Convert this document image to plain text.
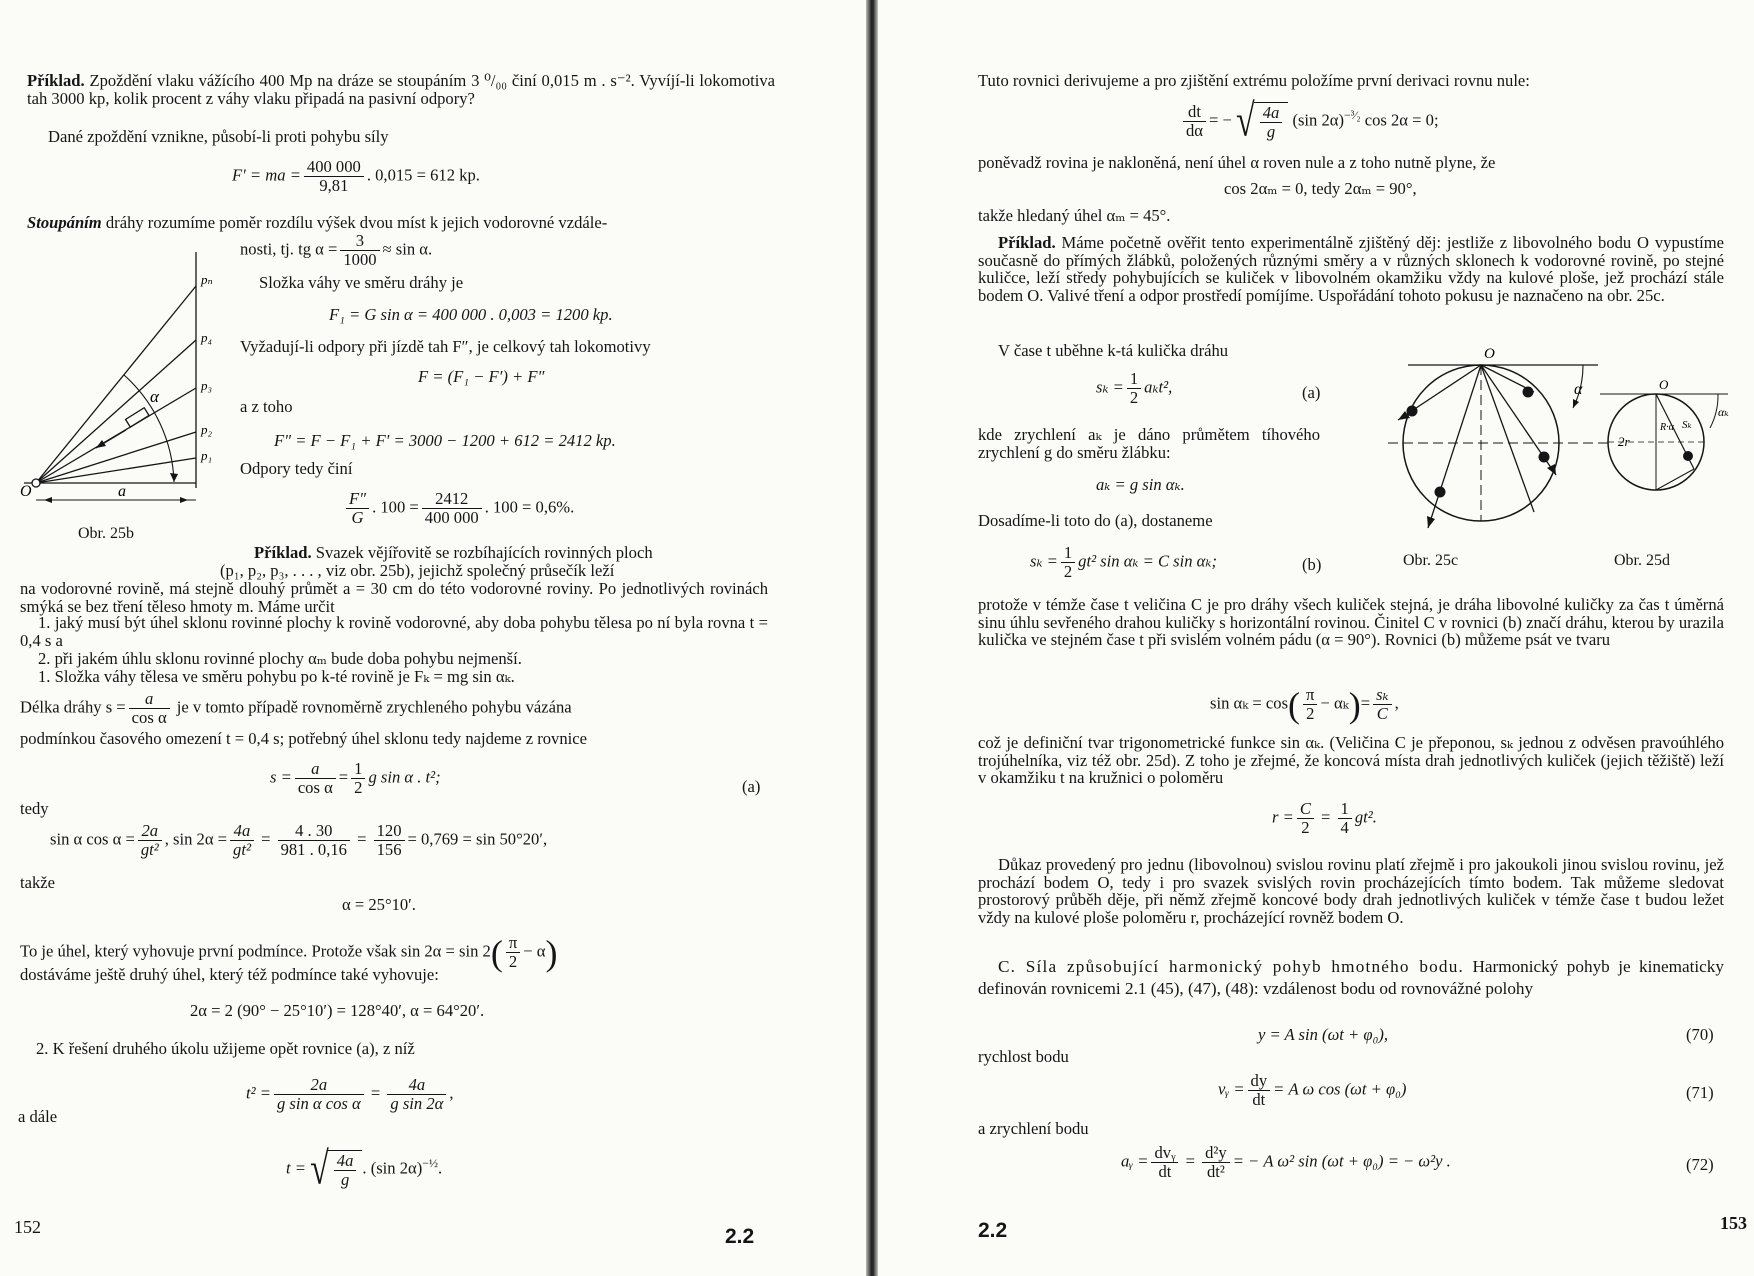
Příklad. Zpoždění vlaku vážícího 400 Mp na dráze se stoupáním 3 ⁰/₀₀ činí 0,015 m . s⁻². Vyvíjí-li lokomotiva tah 3000 kp, kolik procent z váhy vlaku připadá na pasivní odpory?
Dané zpoždění vznikne, působí-li proti pohybu síly
F′ = ma = $\frac{400 000}{9,81}$ . 0,015 = 612 kp.
Stoupáním dráhy rozumíme poměr rozdílu výšek dvou míst k jejich vodorovné vzdále-
nosti, tj. tg $\alpha = \frac{3}{1000} \approx \sin \alpha$.
Složka váhy ve směru dráhy je
F₁ = G sin α = 400 000 . 0,003 = 1200 kp.
Vyžadují-li odpory při jízdě tah F″, je celkový tah lokomotivy
F = (F₁ − F′) + F″
a z toho
F″ = F − F₁ + F′ = 3000 − 1200 + 612 = 2412 kp.
Odpory tedy činí
$\frac{F''}{G}$ . $100 = \frac{2412}{400 000}$ . 100 = 0,6%.
pₙ
p₄
p₃
p₂
p₁
α
a
O
Obr. 25b
Příklad. Svazek vějířovitě se rozbíhajících rovinných ploch
(p₁, p₂, p₃, . . . , viz obr. 25b), jejichž společný průsečík leží
na vodorovné rovině, má stejně dlouhý průmět a = 30 cm do této vodorovné roviny. Po jednotlivých rovinách smýká se bez tření těleso hmoty m. Máme určit
1. jaký musí být úhel sklonu rovinné plochy k rovině vodorovné, aby doba pohybu tělesa po ní byla rovna t = 0,4 s a
2. při jakém úhlu sklonu rovinné plochy αₘ bude doba pohybu nejmenší.
1. Složka váhy tělesa ve směru pohybu po k-té rovině je Fₖ = mg sin αₖ.
Délka dráhy $s = \frac{a}{\text{cos α}}$ je v tomto případě rovnoměrně zrychleného pohybu vázána
podmínkou časového omezení t = 0,4 s; potřebný úhel sklonu tedy najdeme z rovnice
$s = \frac{a}{\text{cos α}} = \frac{1}{2}$ g sin α . t²;
(a)
tedy
sin α $\cos \alpha = \frac{2a}{\text{gt²}}$ , $\sin 2\alpha = \frac{4a}{\text{gt²}} = \frac{4 . 30}{981 . 0,16} = \frac{120}{156} = 0,769 = \sin 50^\circ 20'$,
takže
α = 25°10′.
To je úhel, který vyhovuje první podmínce. Protože však $\sin 2\alpha = \sin 2( \frac{\pi}{2} - \alpha)$
dostáváme ještě druhý úhel, který též podmínce také vyhovuje:
2α = 2 (90° − 25°10′) = 128°40′, α = 64°20′.
2. K řešení druhého úkolu užijeme opět rovnice (a), z níž
$t^2 = \frac{2a}{\text{g sin α cos α}} = \frac{4a}{\text{g sin 2α}}$ ,
a dále
t = √ $\frac{4a}{g}$ . (sin 2α)$^{-\frac{1}{2}}$.
152	2.2
Tuto rovnici derivujeme a pro zjištění extrému položíme první derivaci rovnu nule:
$\frac{dt}{d\alpha}$ = − √ $\frac{4a}{g} (\sin$ 2α)$^{-^3⁄_2}$ cos 2α = 0;
poněvadž rovina je nakloněná, není úhel α roven nule a z toho nutně plyne, že
cos 2αₘ = 0, tedy 2αₘ = 90°,
takže hledaný úhel αₘ = 45°.
Příklad. Máme početně ověřit tento experimentálně zjištěný děj: jestliže z libovolného bodu O vypustíme současně do přímých žlábků, položených různými směry a v různých sklonech k vodorovné rovině, po stejné kuličce, leží středy pohybujících se kuliček v libovolném okamžiku vždy na kulové ploše, jež prochází stále bodem O. Valivé tření a odpor prostředí pomíjíme. Uspořádání tohoto pokusu je naznačeno na obr. 25c.
V čase t uběhne k-tá kulička dráhu
$s_k = \frac{1}{2} a_kt^2$,	(a)
kde zrychlení aₖ je dáno průmětem tíhového zrychlení g do směru žlábku:
aₖ = g sin αₖ.
Dosadíme-li toto do (a), dostaneme
$s_k = \frac{1}{2} gt^2$ sin αₖ = C sin αₖ;	(b)
O
α
Obr. 25c
O
2r
R·α Sₖ
αₖ
Obr. 25d
protože v témže čase t veličina C je pro dráhy všech kuliček stejná, je dráha libovolné kuličky za čas t úměrná sinu úhlu sevřeného drahou kuličky s horizontální rovinou. Činitel C v rovnici (b) značí dráhu, kterou by urazila kulička ve stejném čase t při svislém volném pádu (α = 90°). Rovnici (b) můžeme psát ve tvaru
$\sin \alpha_k = \cos( \frac{\pi}{2} - \alpha_k)= \frac{\text{sₖ}}{C}$ ,
což je definiční tvar trigonometrické funkce sin αₖ. (Veličina C je přeponou, sₖ jednou z odvěsen pravoúhlého trojúhelníka, viz též obr. 25d). Z toho je zřejmé, že koncová místa drah jednotlivých kuliček (jejich těžiště) leží v okamžiku t na kružnici o poloměru
$r = \frac{C}{2} = \frac{1}{4} gt^2$.
Důkaz provedený pro jednu (libovolnou) svislou rovinu platí zřejmě i pro jakoukoli jinou svislou rovinu, jež prochází bodem O, tedy i pro svazek svislých rovin procházejících tímto bodem. Tak můžeme sledovat prostorový průběh děje, při němž zřejmě koncové body drah jednotlivých kuliček v témže čase t budou ležet vždy na kulové ploše poloměru r, procházející rovněž bodem O.
C. Síla způsobující harmonický pohyb hmotného bodu. Harmonický pohyb je kinematicky definován rovnicemi 2.1 (45), (47), (48): vzdálenost bodu od rovnovážné polohy
y = A sin (ωt + φ₀),	(70)
rychlost bodu
vᵧ = $\frac{dy}{dt} = A$ ω cos (ωt + φ₀)	(71)
a zrychlení bodu
aᵧ = $\frac{\text{dvᵧ}}{dt} = \frac{\text{d²y}}{\text{dt²}}$ = − A ω² sin (ωt + φ₀) = − ω²y .	(72)
2.2	153
